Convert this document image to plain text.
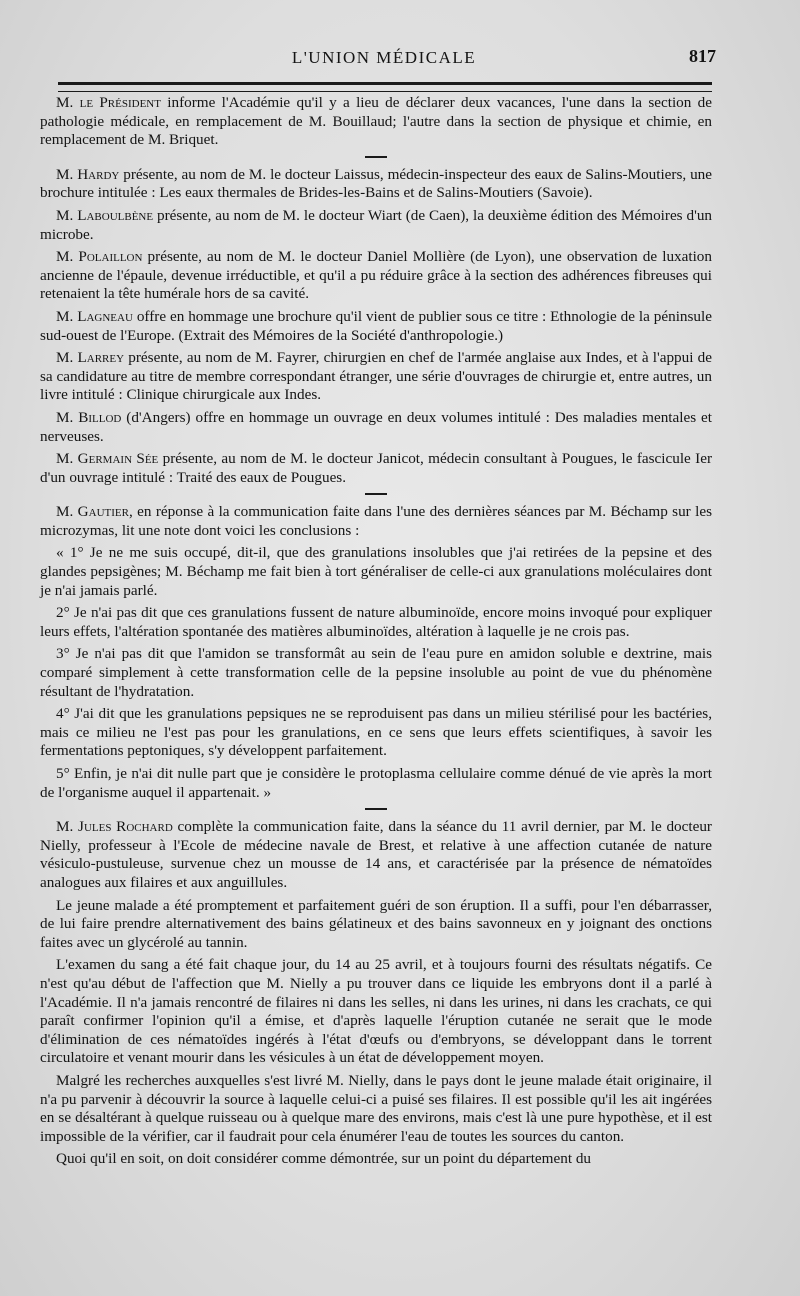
L'UNION MÉDICALE	817

M. le Président informe l'Académie qu'il y a lieu de déclarer deux vacances, l'une dans la section de pathologie médicale, en remplacement de M. Bouillaud; l'autre dans la section de physique et chimie, en remplacement de M. Briquet.

M. Hardy présente, au nom de M. le docteur Laissus, médecin-inspecteur des eaux de Salins-Moutiers, une brochure intitulée : Les eaux thermales de Brides-les-Bains et de Salins-Moutiers (Savoie).

M. Laboulbène présente, au nom de M. le docteur Wiart (de Caen), la deuxième édition des Mémoires d'un microbe.

M. Polaillon présente, au nom de M. le docteur Daniel Mollière (de Lyon), une observation de luxation ancienne de l'épaule, devenue irréductible, et qu'il a pu réduire grâce à la section des adhérences fibreuses qui retenaient la tête humérale hors de sa cavité.

M. Lagneau offre en hommage une brochure qu'il vient de publier sous ce titre : Ethnologie de la péninsule sud-ouest de l'Europe. (Extrait des Mémoires de la Société d'anthropologie.)

M. Larrey présente, au nom de M. Fayrer, chirurgien en chef de l'armée anglaise aux Indes, et à l'appui de sa candidature au titre de membre correspondant étranger, une série d'ouvrages de chirurgie et, entre autres, un livre intitulé : Clinique chirurgicale aux Indes.

M. Billod (d'Angers) offre en hommage un ouvrage en deux volumes intitulé : Des maladies mentales et nerveuses.

M. Germain Sée présente, au nom de M. le docteur Janicot, médecin consultant à Pougues, le fascicule Ier d'un ouvrage intitulé : Traité des eaux de Pougues.

M. Gautier, en réponse à la communication faite dans l'une des dernières séances par M. Béchamp sur les microzymas, lit une note dont voici les conclusions :

« 1° Je ne me suis occupé, dit-il, que des granulations insolubles que j'ai retirées de la pepsine et des glandes pepsigènes; M. Béchamp me fait bien à tort généraliser de celle-ci aux granulations moléculaires dont je n'ai jamais parlé.

2° Je n'ai pas dit que ces granulations fussent de nature albuminoïde, encore moins invoqué pour expliquer leurs effets, l'altération spontanée des matières albuminoïdes, altération à laquelle je ne crois pas.

3° Je n'ai pas dit que l'amidon se transformât au sein de l'eau pure en amidon soluble e dextrine, mais comparé simplement à cette transformation celle de la pepsine insoluble au point de vue du phénomène résultant de l'hydratation.

4° J'ai dit que les granulations pepsiques ne se reproduisent pas dans un milieu stérilisé pour les bactéries, mais ce milieu ne l'est pas pour les granulations, en ce sens que leurs effets scientifiques, à savoir les fermentations peptoniques, s'y développent parfaitement.

5° Enfin, je n'ai dit nulle part que je considère le protoplasma cellulaire comme dénué de vie après la mort de l'organisme auquel il appartenait. »

M. Jules Rochard complète la communication faite, dans la séance du 11 avril dernier, par M. le docteur Nielly, professeur à l'Ecole de médecine navale de Brest, et relative à une affection cutanée de nature vésiculo-pustuleuse, survenue chez un mousse de 14 ans, et caractérisée par la présence de nématoïdes analogues aux filaires et aux anguillules.

Le jeune malade a été promptement et parfaitement guéri de son éruption. Il a suffi, pour l'en débarrasser, de lui faire prendre alternativement des bains gélatineux et des bains savonneux en y joignant des onctions faites avec un glycérolé au tannin.

L'examen du sang a été fait chaque jour, du 14 au 25 avril, et à toujours fourni des résultats négatifs. Ce n'est qu'au début de l'affection que M. Nielly a pu trouver dans ce liquide les embryons dont il a parlé à l'Académie. Il n'a jamais rencontré de filaires ni dans les selles, ni dans les urines, ni dans les crachats, ce qui paraît confirmer l'opinion qu'il a émise, et d'après laquelle l'éruption cutanée ne serait que le mode d'élimination de ces nématoïdes ingérés à l'état d'œufs ou d'embryons, se développant dans le torrent circulatoire et venant mourir dans les vésicules à un état de développement moyen.

Malgré les recherches auxquelles s'est livré M. Nielly, dans le pays dont le jeune malade était originaire, il n'a pu parvenir à découvrir la source à laquelle celui-ci a puisé ses filaires. Il est possible qu'il les ait ingérées en se désaltérant à quelque ruisseau ou à quelque mare des environs, mais c'est là une pure hypothèse, et il est impossible de la vérifier, car il faudrait pour cela énumérer l'eau de toutes les sources du canton.

Quoi qu'il en soit, on doit considérer comme démontrée, sur un point du département du
